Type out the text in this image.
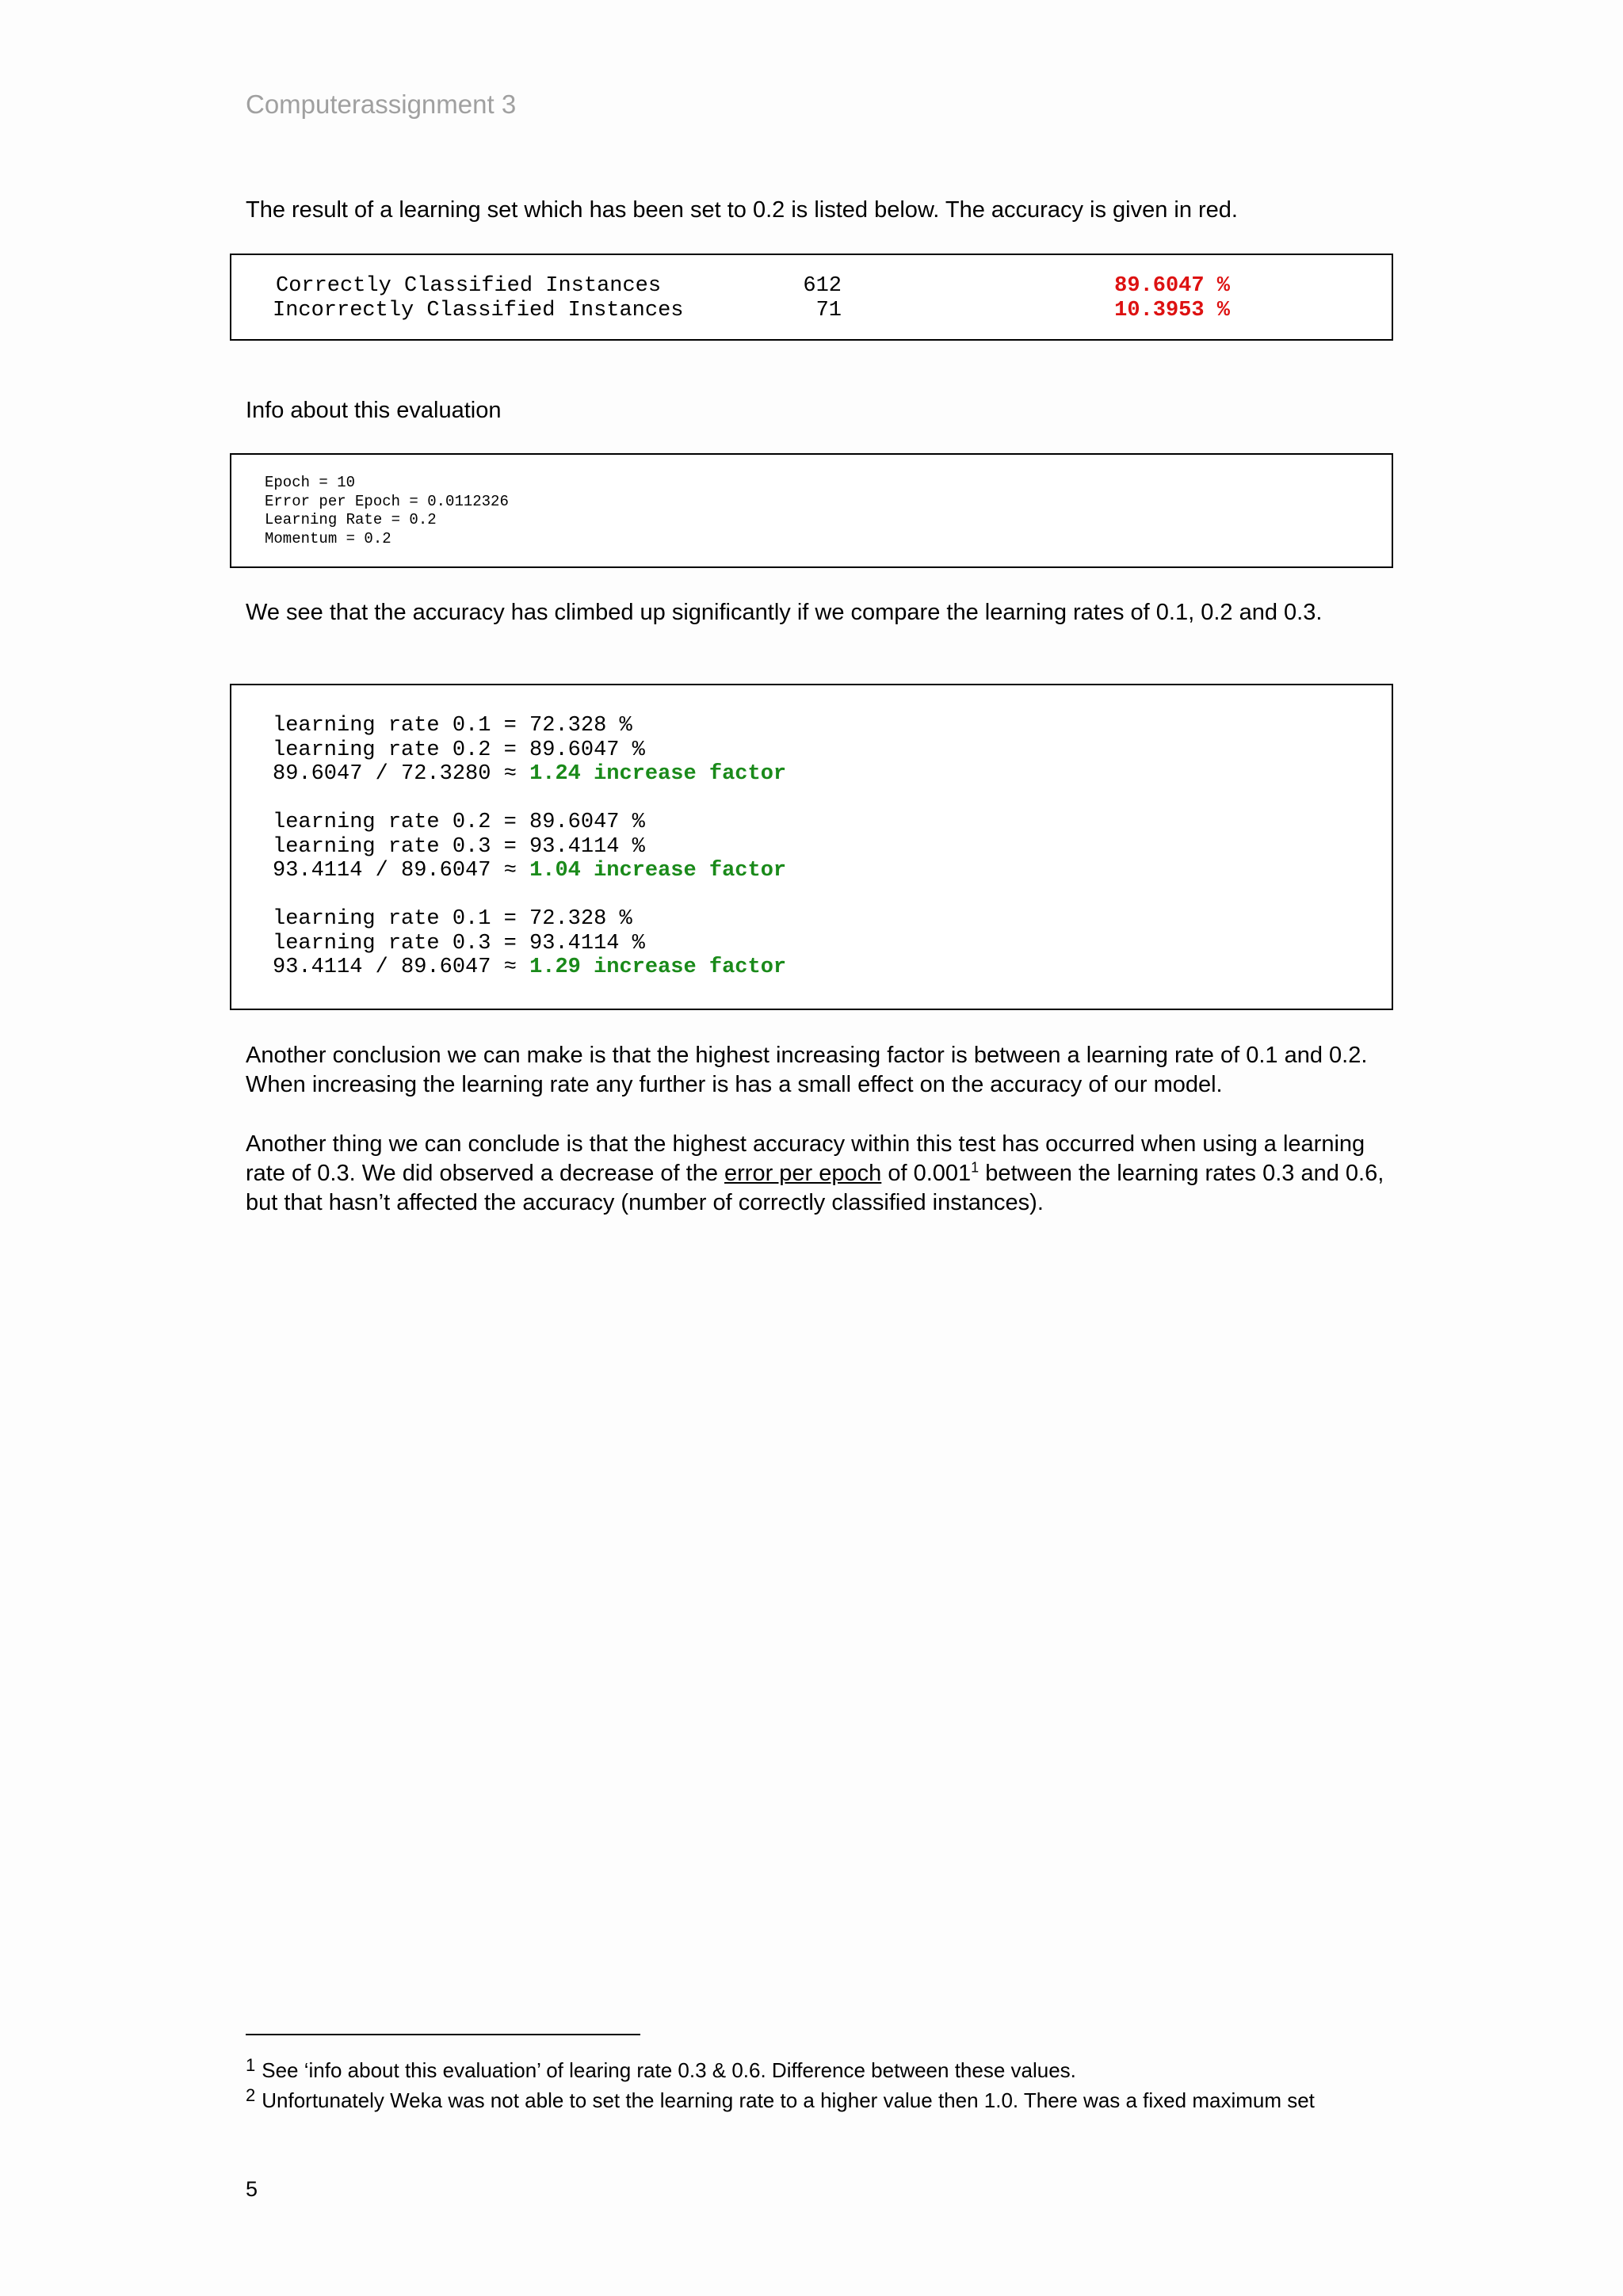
Computerassignment 3

The result of a learning set which has been set to 0.2 is listed below. The accuracy is given in red.

Correctly Classified Instances	612	89.6047 %
Incorrectly Classified Instances	71	10.3953 %

Info about this evaluation

Epoch = 10
Error per Epoch = 0.0112326
Learning Rate = 0.2
Momentum = 0.2

We see that the accuracy has climbed up significantly if we compare the learning rates of 0.1, 0.2 and 0.3.

learning rate 0.1 = 72.328 %
learning rate 0.2 = 89.6047 %
89.6047 / 72.3280 ≈ 1.24 increase factor
learning rate 0.2 = 89.6047 %
learning rate 0.3 = 93.4114 %
93.4114 / 89.6047 ≈ 1.04 increase factor
learning rate 0.1 = 72.328 %
learning rate 0.3 = 93.4114 %
93.4114 / 89.6047 ≈ 1.29 increase factor

Another conclusion we can make is that the highest increasing factor is between a learning rate of 0.1 and 0.2. When increasing the learning rate any further is has a small effect on the accuracy of our model.

Another thing we can conclude is that the highest accuracy within this test has occurred when using a learning rate of 0.3. We did observed a decrease of the error per epoch of 0.001$^1$ between the learning rates 0.3 and 0.6, but that hasn’t affected the accuracy (number of correctly classified instances).

$^1$ See ‘info about this evaluation’ of learing rate 0.3 & 0.6. Difference between these values.
$^2$ Unfortunately Weka was not able to set the learning rate to a higher value then 1.0. There was a fixed maximum set
5
